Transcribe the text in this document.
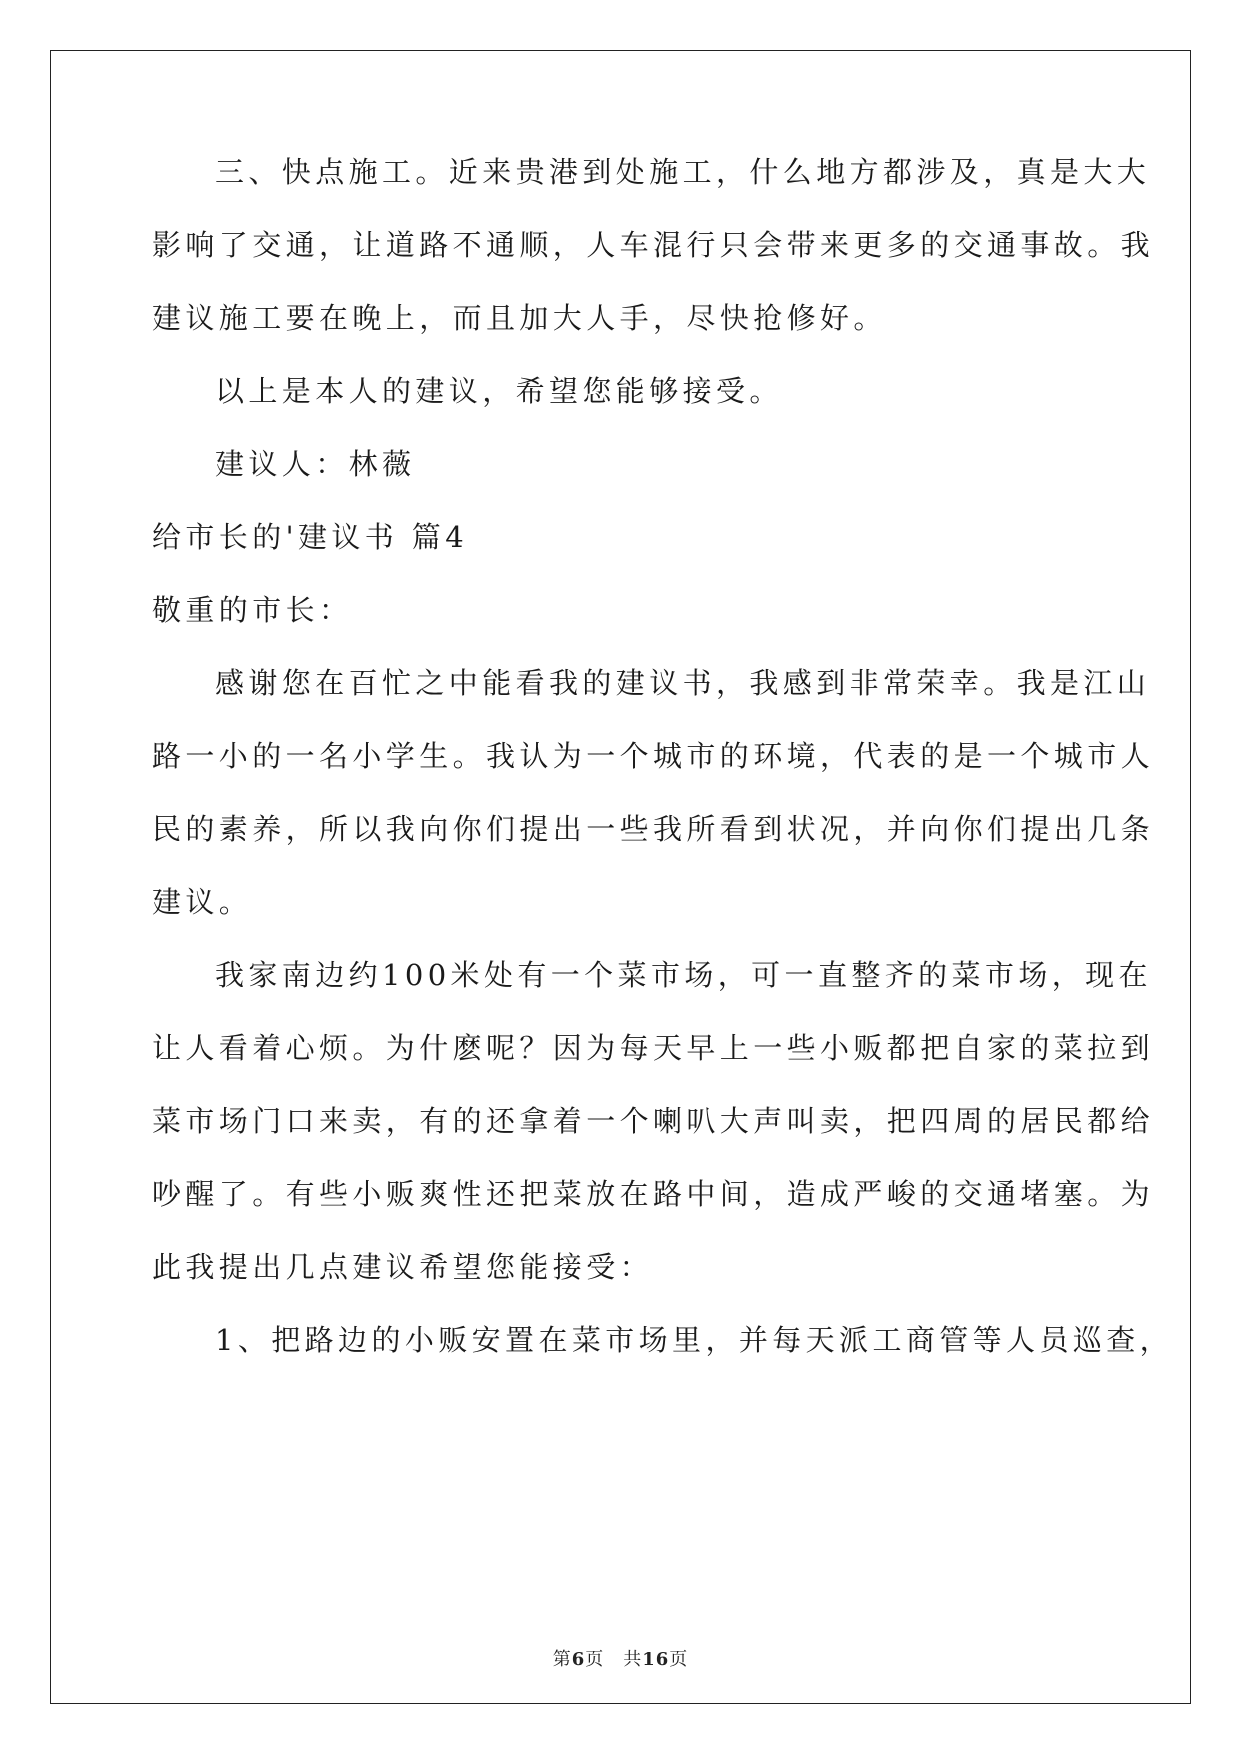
三、快点施工。近来贵港到处施工，什么地方都涉及，真是大大
影响了交通，让道路不通顺，人车混行只会带来更多的交通事故。我
建议施工要在晚上，而且加大人手，尽快抢修好。
以上是本人的建议，希望您能够接受。
建议人：林薇
给市长的'建议书 篇4
敬重的市长：
感谢您在百忙之中能看我的建议书，我感到非常荣幸。我是江山
路一小的一名小学生。我认为一个城市的环境，代表的是一个城市人
民的素养，所以我向你们提出一些我所看到状况，并向你们提出几条
建议。
我家南边约100米处有一个菜市场，可一直整齐的菜市场，现在
让人看着心烦。为什麽呢？因为每天早上一些小贩都把自家的菜拉到
菜市场门口来卖，有的还拿着一个喇叭大声叫卖，把四周的居民都给
吵醒了。有些小贩爽性还把菜放在路中间，造成严峻的交通堵塞。为
此我提出几点建议希望您能接受：
1、把路边的小贩安置在菜市场里，并每天派工商管等人员巡查，
第6页　共16页
